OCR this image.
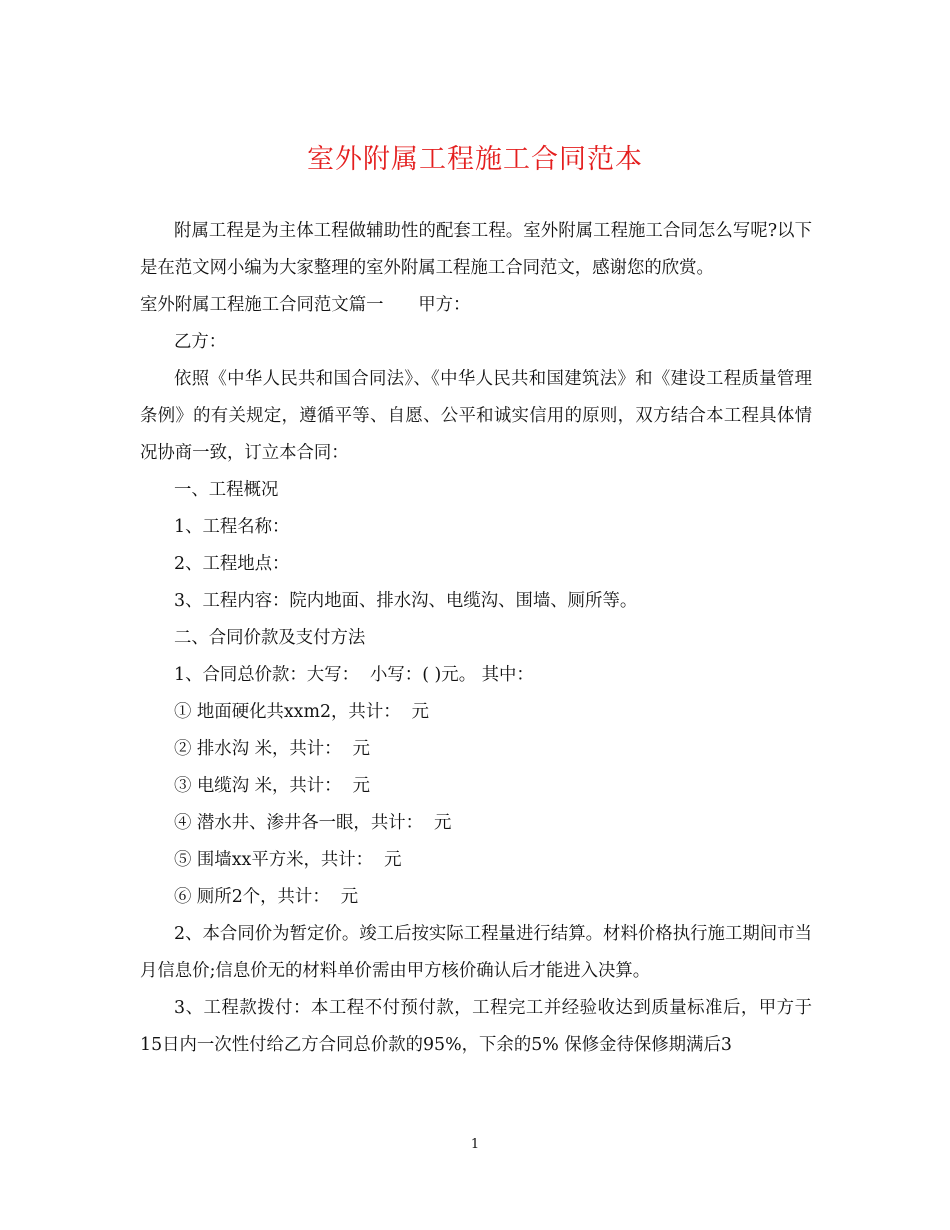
室外附属工程施工合同范本

附属工程是为主体工程做辅助性的配套工程。室外附属工程施工合同怎么写呢?以下是在范文网小编为大家整理的室外附属工程施工合同范文，感谢您的欣赏。

室外附属工程施工合同范文篇一　　甲方：

乙方：

依照《中华人民共和国合同法》、《中华人民共和国建筑法》和《建设工程质量管理条例》的有关规定，遵循平等、自愿、公平和诚实信用的原则，双方结合本工程具体情况协商一致，订立本合同：

一、工程概况

1、工程名称：

2、工程地点：

3、工程内容：院内地面、排水沟、电缆沟、围墙、厕所等。

二、合同价款及支付方法

1、合同总价款：大写：  小写：( )元。 其中：

① 地面硬化共xxm2，共计：  元

② 排水沟 米，共计：  元

③ 电缆沟 米，共计：  元

④ 潜水井、渗井各一眼，共计：  元

⑤ 围墙xx平方米，共计：  元

⑥ 厕所2个，共计：  元

2、本合同价为暂定价。竣工后按实际工程量进行结算。材料价格执行施工期间市当月信息价;信息价无的材料单价需由甲方核价确认后才能进入决算。

3、工程款拨付：本工程不付预付款，工程完工并经验收达到质量标准后，甲方于15日内一次性付给乙方合同总价款的95%，下余的5% 保修金待保修期满后3

1
